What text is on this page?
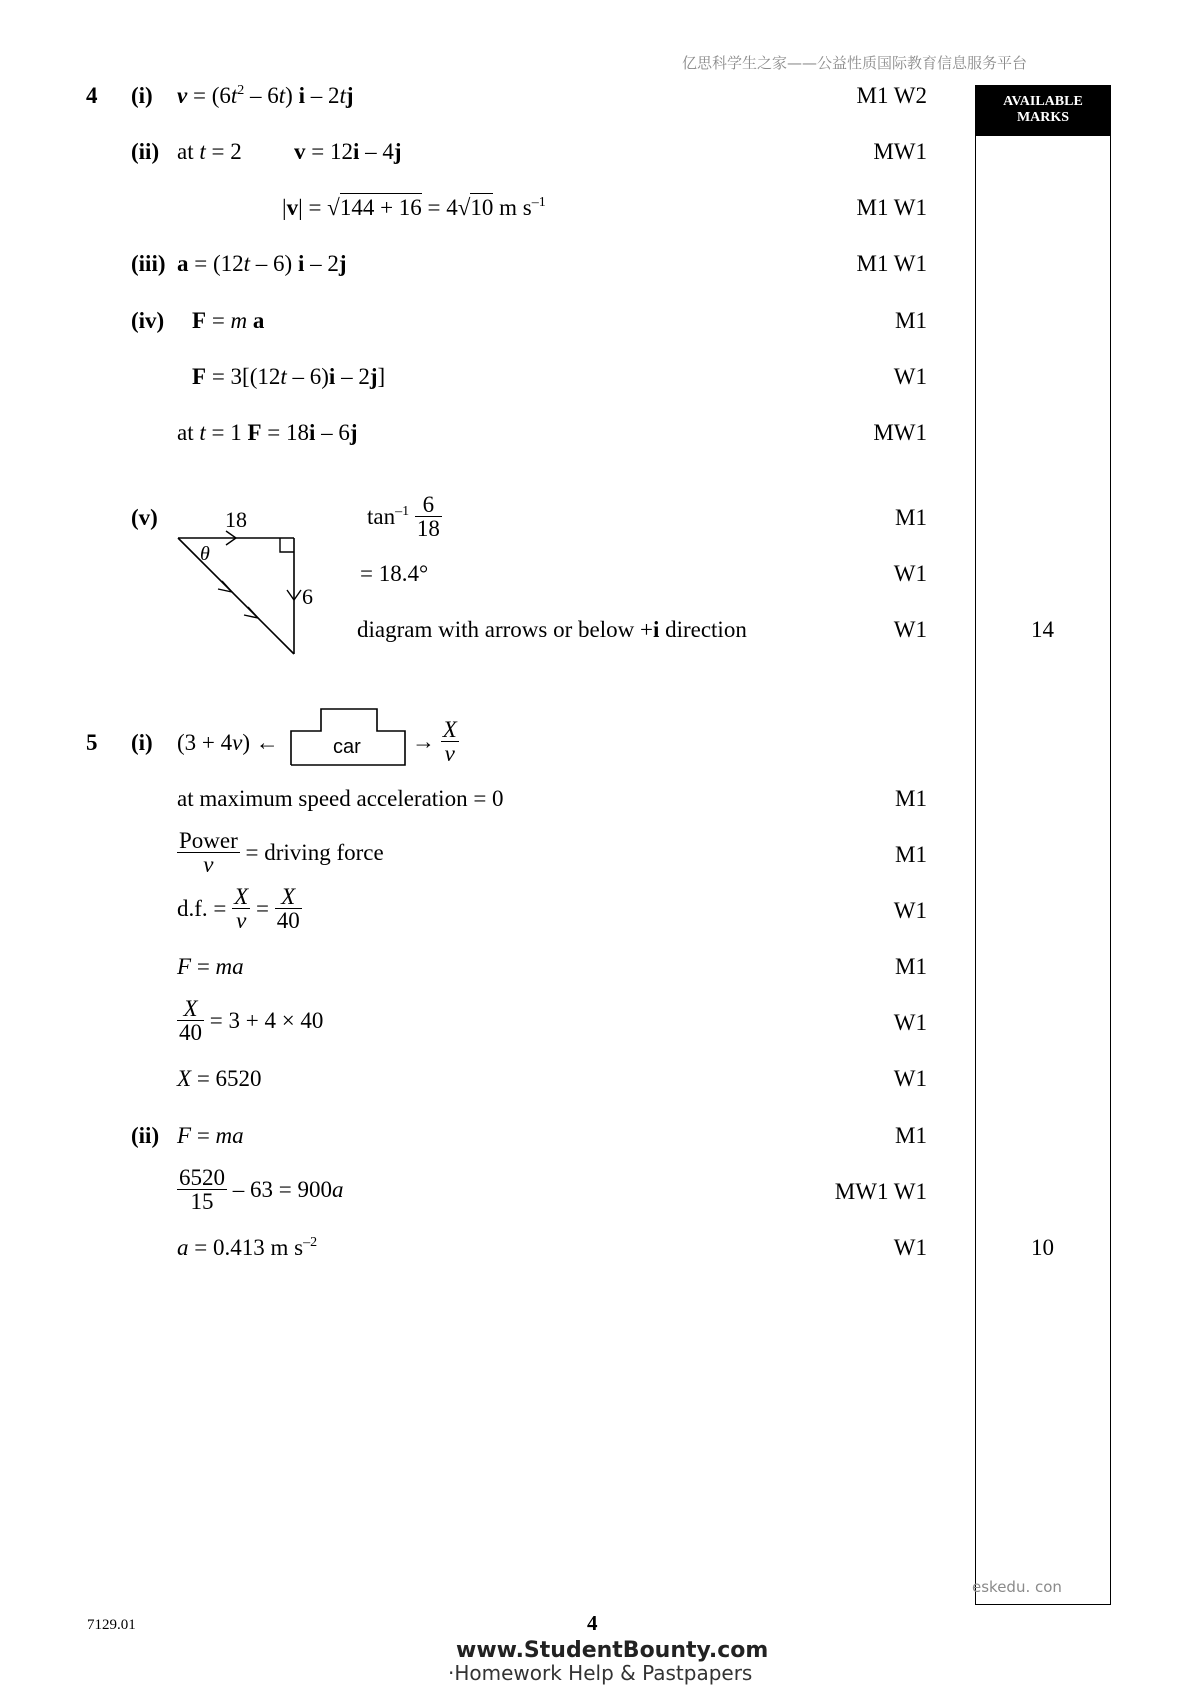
亿思科学生之家——公益性质国际教育信息服务平台
AVAILABLE
MARKS
4 (i) $v = (6t^2 - 6t)$ i – 2tj	M1 W2
(ii) at t = 2 v = 12i – 4j	MW1
|v| = √144 + 16 = 4√10 m $s^{-1}$	M1 W1
(iii) a = (12t – 6) i – 2j	M1 W1
(iv) F = m a	M1
F = 3[(12t – 6)i – 2j]	W1
at t = 1 F = 18i – 6j	MW1
(v)	18
6
θ
$\tan^{-1} \frac{6}{18}$	M1
= 18.4°	W1
diagram with arrows or below +i direction	W1	14
5 (i) (3 + 4v) ←	car → $\frac{X}{v}$
at maximum speed acceleration = 0	M1
$\frac{\text{Power}}{v}$ = driving force	M1
d.f. = $\frac{X}{v} = \frac{X}{40}$	W1
F = ma	M1
$\frac{X}{40} = 3 + 4 \times 40$	W1
X = 6520	W1
(ii) F = ma	M1
$\frac{6520}{15} - 63 = 900a$	MW1 W1
a = 0.413 m $s^{-2}$	W1	10
eskedu. con
7129.01	4
www.StudentBounty.com
·Homework Help & Pastpapers
